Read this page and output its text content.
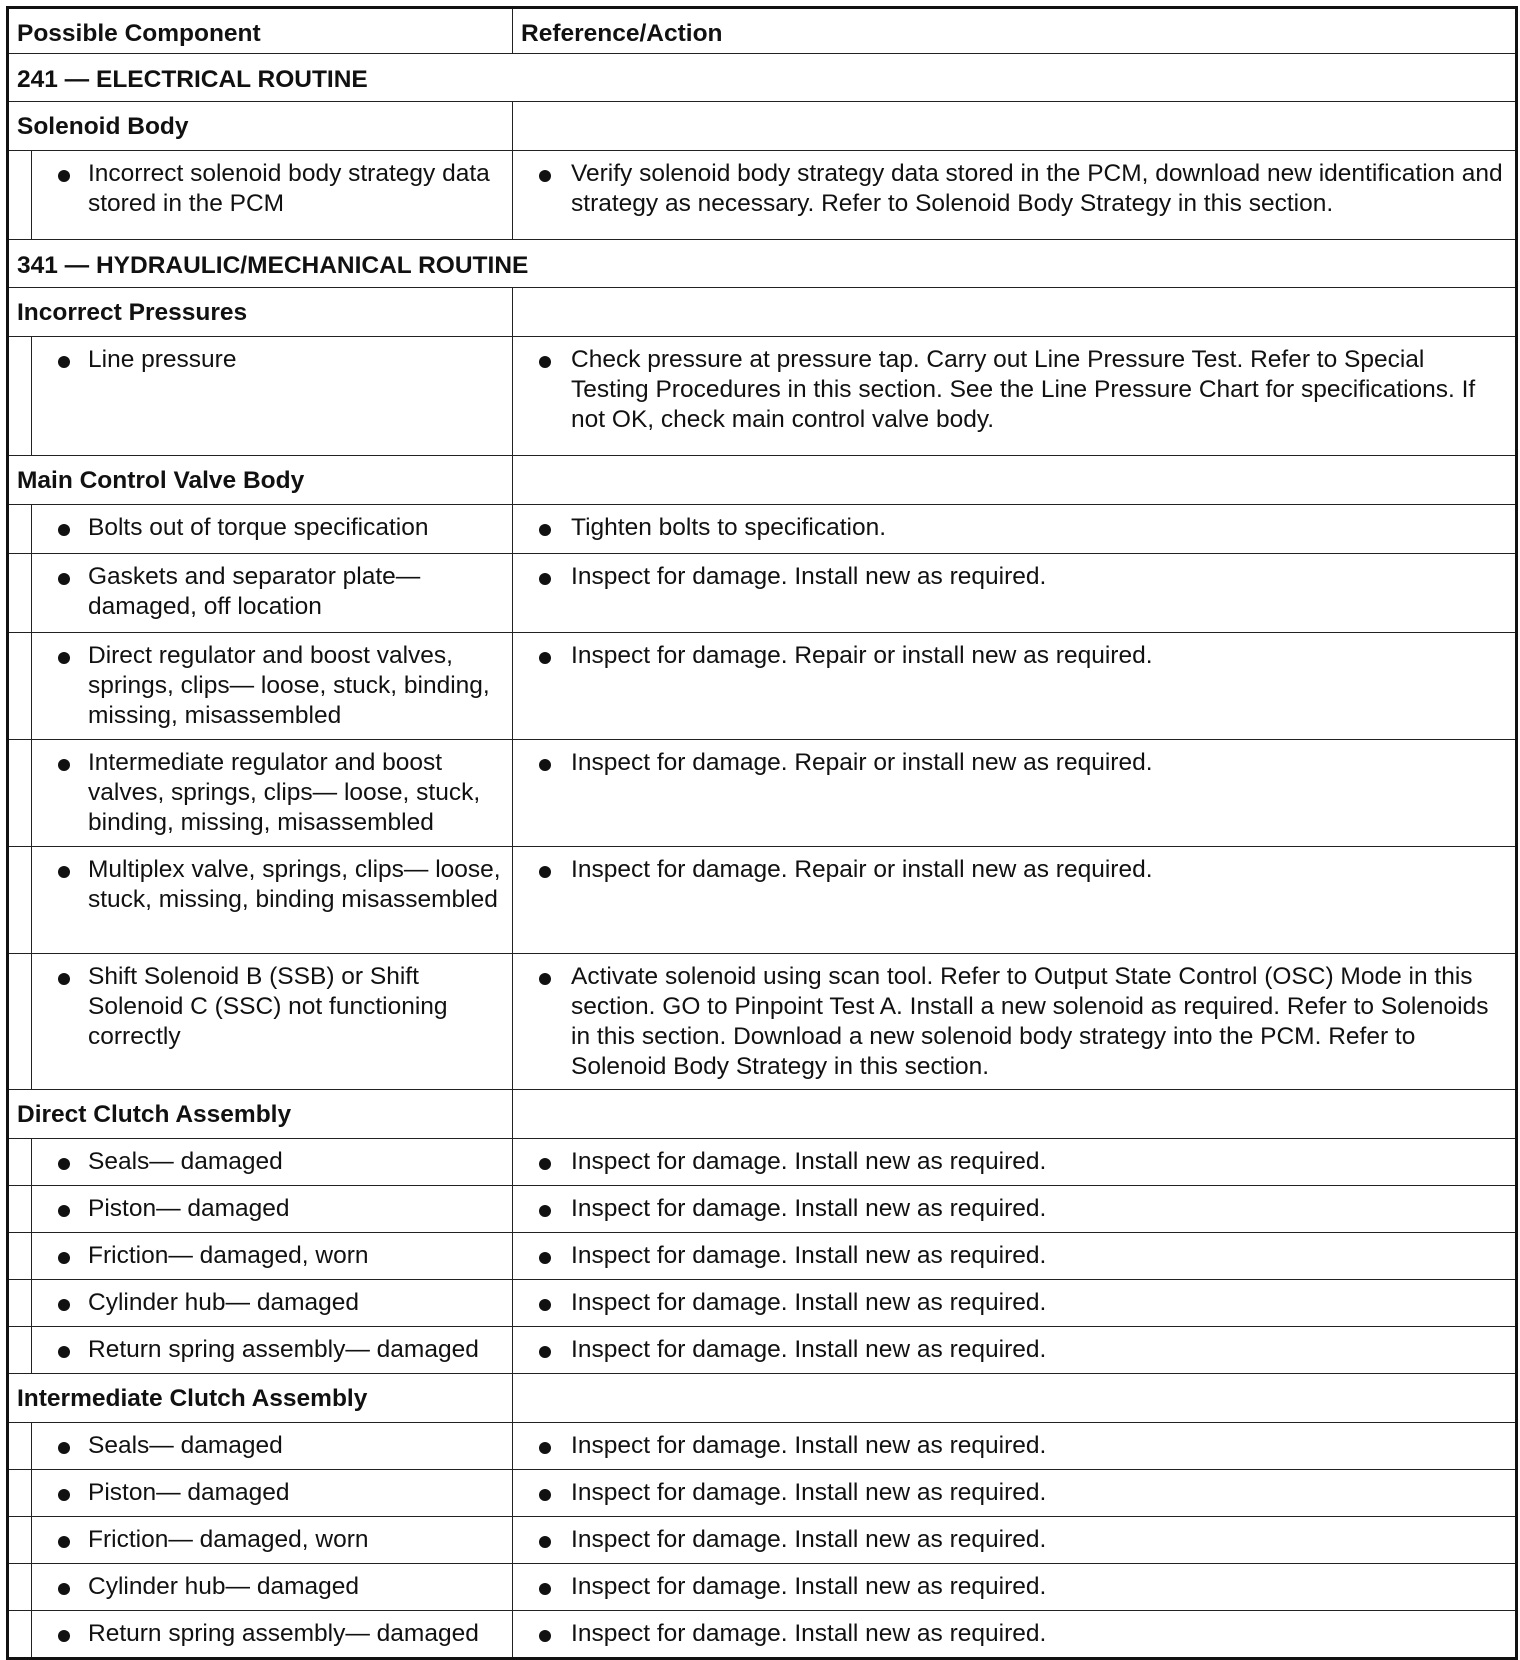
Possible Component		Reference/Action
241 — ELECTRICAL ROUTINE		
Solenoid Body		

	Incorrect solenoid body strategy data stored in the PCM	Verify solenoid body strategy data stored in the PCM, download new identification and strategy as necessary. Refer to Solenoid Body Strategy in this section.

341 — HYDRAULIC/MECHANICAL ROUTINE		
Incorrect Pressures		

	Line pressure	Check pressure at pressure tap. Carry out Line Pressure Test. Refer to Special Testing Procedures in this section. See the Line Pressure Chart for specifications. If not OK, check main control valve body.

Main Control Valve Body		

	Bolts out of torque specification	Tighten bolts to specification.

	Gaskets and separator plate— damaged, off location	Inspect for damage. Install new as required.

	Direct regulator and boost valves, springs, clips— loose, stuck, binding, missing, misassembled	Inspect for damage. Repair or install new as required.

	Intermediate regulator and boost valves, springs, clips— loose, stuck, binding, missing, misassembled	Inspect for damage. Repair or install new as required.

	Multiplex valve, springs, clips— loose, stuck, missing, binding misassembled	Inspect for damage. Repair or install new as required.

	Shift Solenoid B (SSB) or Shift Solenoid C (SSC) not functioning correctly	Activate solenoid using scan tool. Refer to Output State Control (OSC) Mode in this section. GO to Pinpoint Test A. Install a new solenoid as required. Refer to Solenoids in this section. Download a new solenoid body strategy into the PCM. Refer to Solenoid Body Strategy in this section.

Direct Clutch Assembly		

	Seals— damaged	Inspect for damage. Install new as required.

	Piston— damaged	Inspect for damage. Install new as required.

	Friction— damaged, worn	Inspect for damage. Install new as required.

	Cylinder hub— damaged	Inspect for damage. Install new as required.

	Return spring assembly— damaged	Inspect for damage. Install new as required.

Intermediate Clutch Assembly		

	Seals— damaged	Inspect for damage. Install new as required.

	Piston— damaged	Inspect for damage. Install new as required.

	Friction— damaged, worn	Inspect for damage. Install new as required.

	Cylinder hub— damaged	Inspect for damage. Install new as required.

	Return spring assembly— damaged	Inspect for damage. Install new as required.
